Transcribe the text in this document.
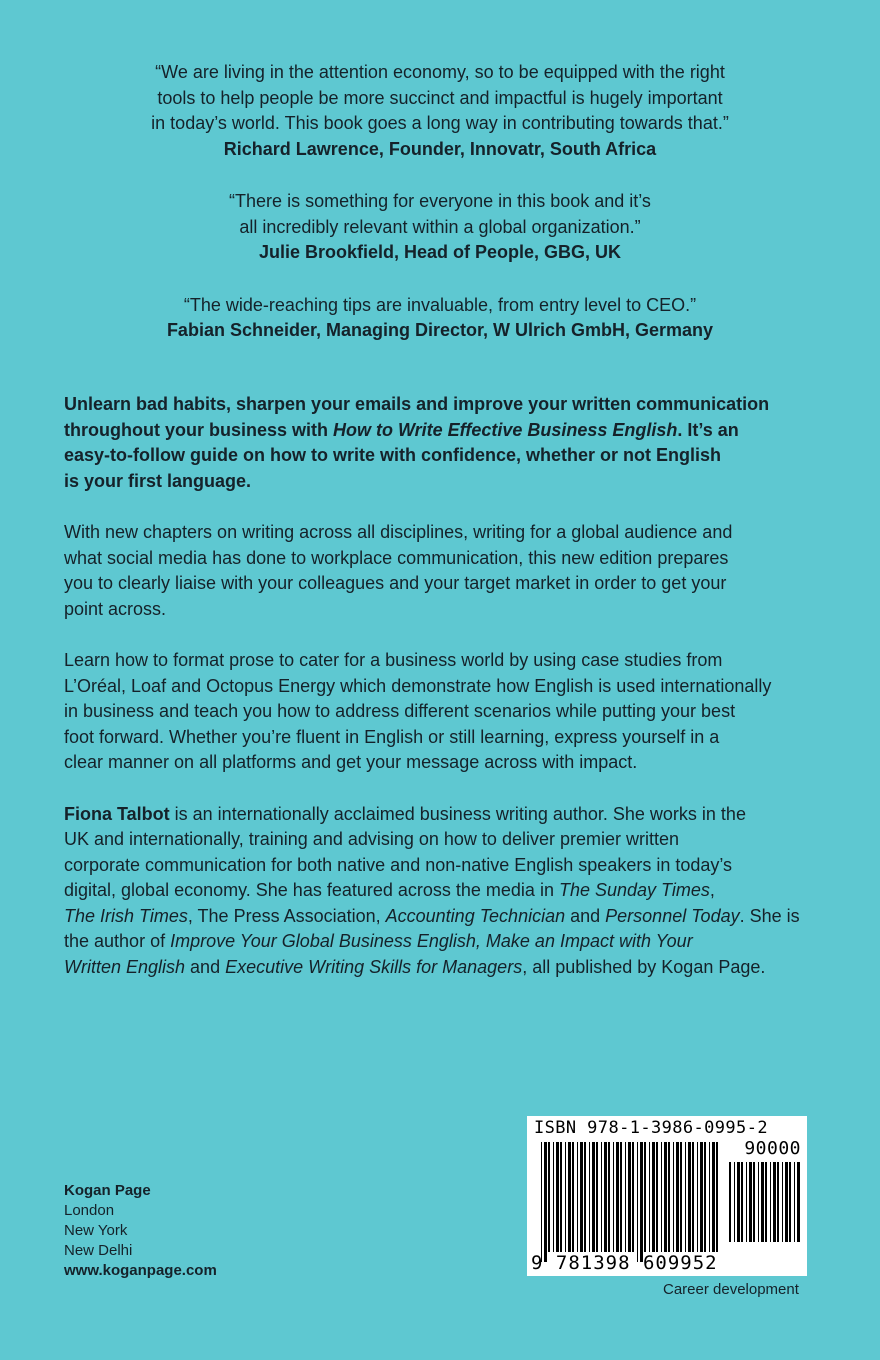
“We are living in the attention economy, so to be equipped with the right
tools to help people be more succinct and impactful is hugely important
in today’s world. This book goes a long way in contributing towards that.”
Richard Lawrence, Founder, Innovatr, South Africa
“There is something for everyone in this book and it’s
all incredibly relevant within a global organization.”
Julie Brookfield, Head of People, GBG, UK
“The wide-reaching tips are invaluable, from entry level to CEO.”
Fabian Schneider, Managing Director, W Ulrich GmbH, Germany

Unlearn bad habits, sharpen your emails and improve your written communication
throughout your business with How to Write Effective Business English. It’s an
easy-to-follow guide on how to write with confidence, whether or not English
is your first language.

With new chapters on writing across all disciplines, writing for a global audience and
what social media has done to workplace communication, this new edition prepares
you to clearly liaise with your colleagues and your target market in order to get your
point across.

Learn how to format prose to cater for a business world by using case studies from
L’Oréal, Loaf and Octopus Energy which demonstrate how English is used internationally
in business and teach you how to address different scenarios while putting your best
foot forward. Whether you’re fluent in English or still learning, express yourself in a
clear manner on all platforms and get your message across with impact.

Fiona Talbot is an internationally acclaimed business writing author. She works in the
UK and internationally, training and advising on how to deliver premier written
corporate communication for both native and non-native English speakers in today’s
digital, global economy. She has featured across the media in The Sunday Times,
The Irish Times, The Press Association, Accounting Technician and Personnel Today. She is
the author of Improve Your Global Business English, Make an Impact with Your
Written English and Executive Writing Skills for Managers, all published by Kogan Page.

Kogan Page
London
New York
New Delhi
www.koganpage.com
ISBN 978-1-3986-0995-2
90000
9 781398 609952
Career development
